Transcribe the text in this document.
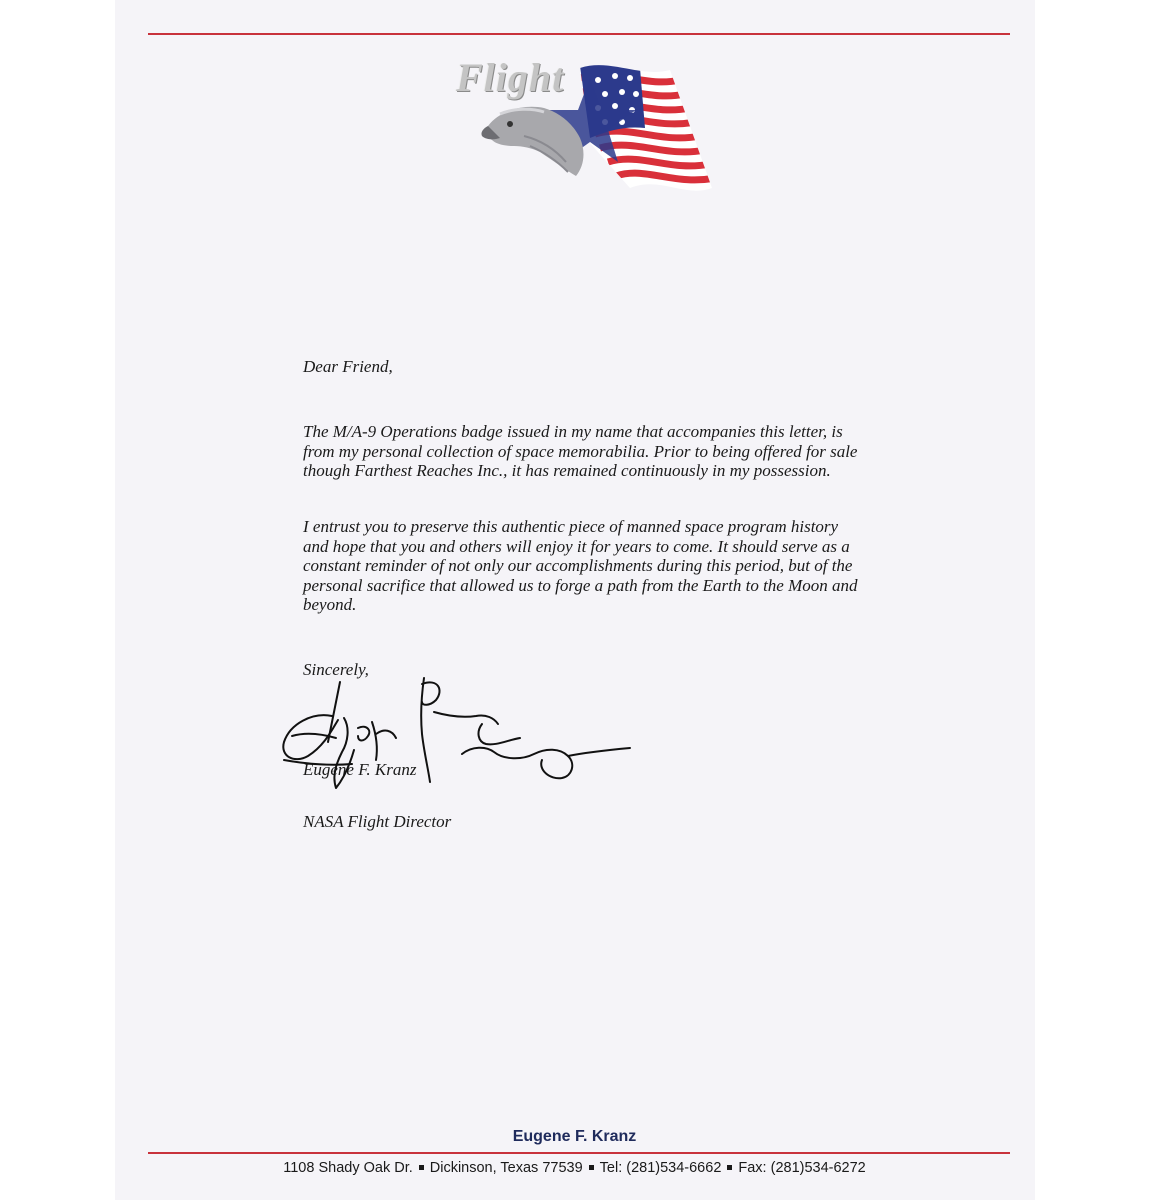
Flight

Dear Friend,

The M/A-9 Operations badge issued in my name that accompanies this letter, is from my personal collection of space memorabilia. Prior to being offered for sale though Farthest Reaches Inc., it has remained continuously in my possession.

I entrust you to preserve this authentic piece of manned space program history and hope that you and others will enjoy it for years to come. It should serve as a constant reminder of not only our accomplishments during this period, but of the personal sacrifice that allowed us to forge a path from the Earth to the Moon and beyond.

Sincerely,

Eugene F. Kranz

NASA Flight Director

Eugene F. Kranz
1108 Shady Oak Dr. Dickinson, Texas 77539 Tel: (281)534-6662 Fax: (281)534-6272
